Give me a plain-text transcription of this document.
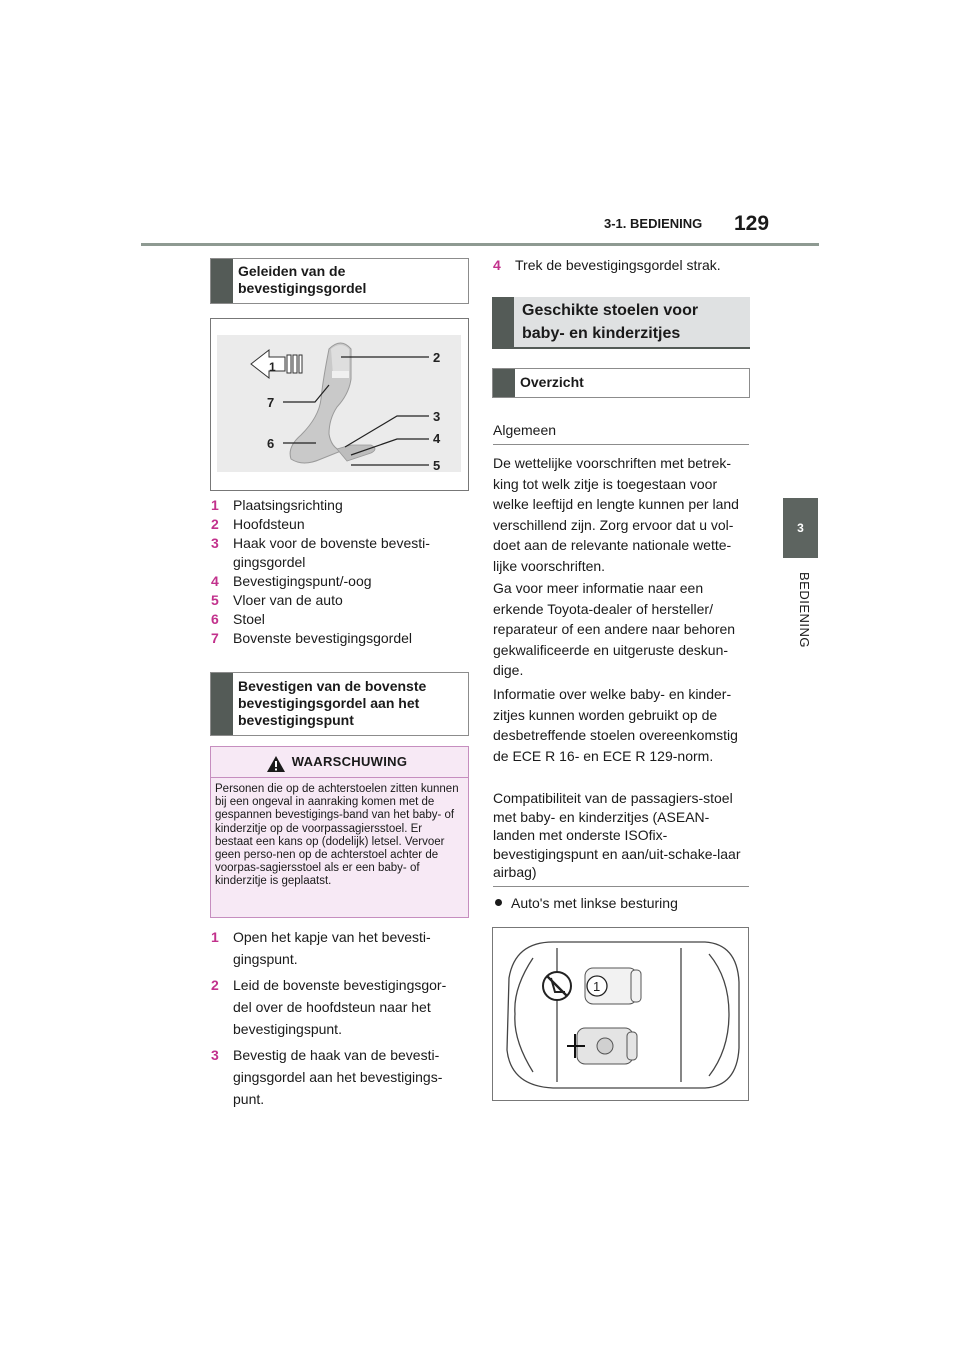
3-1. BEDIENING 129
3
BEDIENING
Geleiden van de bevestigingsgordel
1
2
3
4
5
6
7
1 Plaatsingsrichting
2 Hoofdsteun
3 Haak voor de bovenste bevesti-gingsgordel
4 Bevestigingspunt/-oog
5 Vloer van de auto
6 Stoel
7 Bovenste bevestigingsgordel
Bevestigen van de bovenste bevestigingsgordel aan het bevestigingspunt
WAARSCHUWING
Personen die op de achterstoelen zitten kunnen bij een ongeval in aanraking komen met de gespannen bevestigings-band van het baby- of kinderzitje op de voorpassagiersstoel. Er bestaat een kans op (dodelijk) letsel. Vervoer geen perso-nen op de achterstoel achter de voorpas-sagiersstoel als er een baby- of kinderzitje is geplaatst.
1 Open het kapje van het bevesti-gingspunt.
2 Leid de bovenste bevestigingsgor-del over de hoofdsteun naar het bevestigingspunt.
3 Bevestig de haak van de bevesti-gingsgordel aan het bevestigings-punt.
4 Trek de bevestigingsgordel strak.
Geschikte stoelen voor baby- en kinderzitjes
Overzicht
Algemeen
De wettelijke voorschriften met betrek-king tot welk zitje is toegestaan voor welke leeftijd en lengte kunnen per land verschillend zijn. Zorg ervoor dat u vol-doet aan de relevante nationale wette-lijke voorschriften.
Ga voor meer informatie naar een erkende Toyota-dealer of hersteller/ reparateur of een andere naar behoren gekwalificeerde en uitgeruste deskun-dige.
Informatie over welke baby- en kinder-zitjes kunnen worden gebruikt op de desbetreffende stoelen overeenkomstig de ECE R 16- en ECE R 129-norm.
Compatibiliteit van de passagiers-stoel met baby- en kinderzitjes (ASEAN-landen met onderste ISOfix-bevestigingspunt en aan/uit-schake-laar airbag)
Auto's met linkse besturing
1
